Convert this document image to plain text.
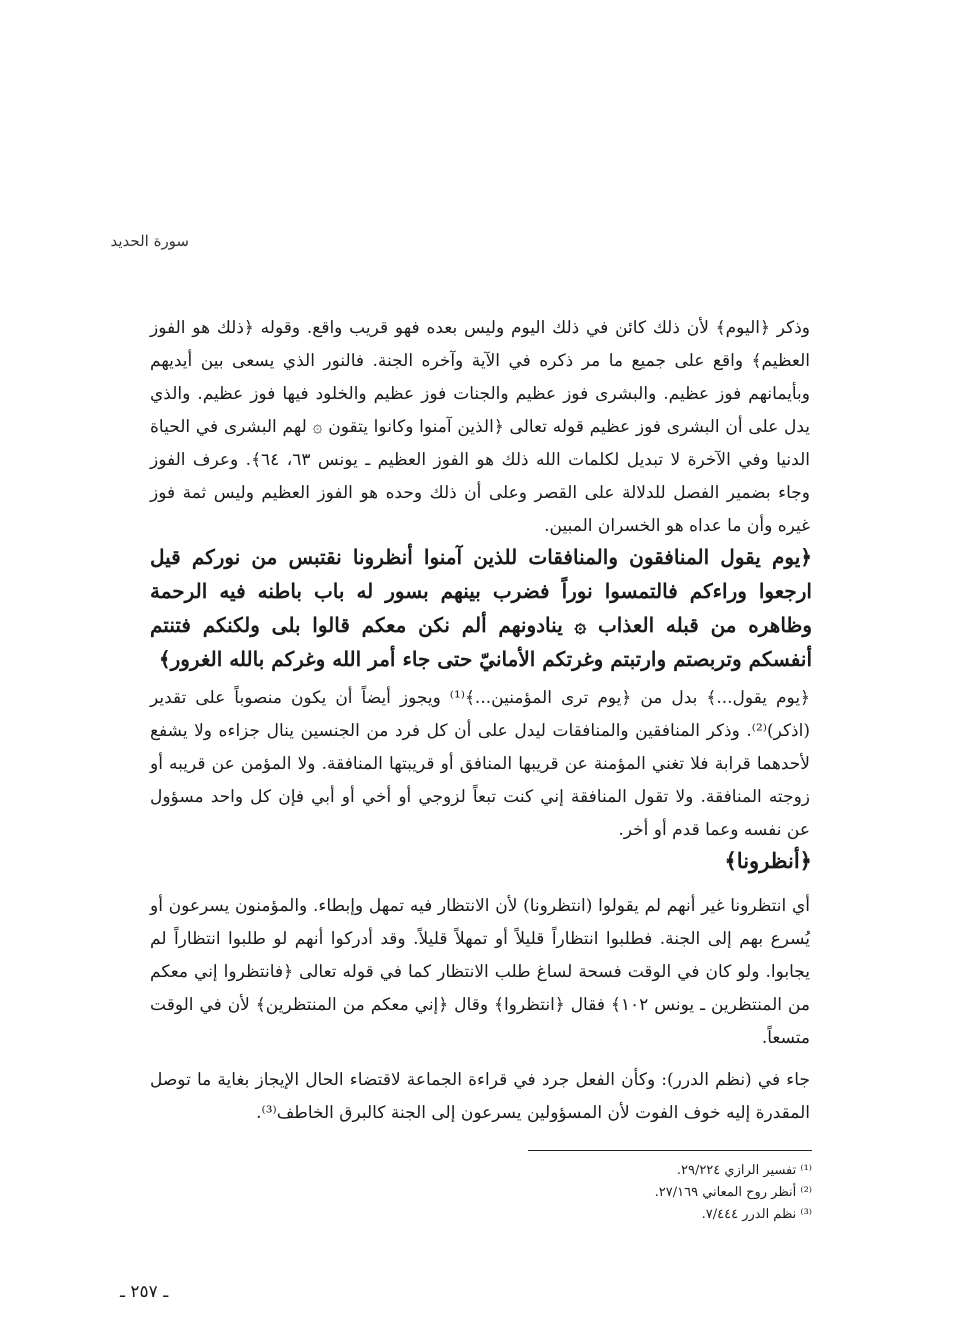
سورة الحديد

وذكر ﴿اليوم﴾ لأن ذلك كائن في ذلك اليوم وليس بعده فهو قريب واقع. وقوله ﴿ذلك هو الفوز العظيم﴾ واقع على جميع ما مر ذكره في الآية وآخره الجنة. فالنور الذي يسعى بين أيديهم وبأيمانهم فوز عظيم. والبشرى فوز عظيم والجنات فوز عظيم والخلود فيها فوز عظيم. والذي يدل على أن البشرى فوز عظيم قوله تعالى ﴿الذين آمنوا وكانوا يتقون ۞ لهم البشرى في الحياة الدنيا وفي الآخرة لا تبديل لكلمات الله ذلك هو الفوز العظيم ـ يونس ٦٣، ٦٤﴾. وعرف الفوز وجاء بضمير الفصل للدلالة على القصر وعلى أن ذلك وحده هو الفوز العظيم وليس ثمة فوز غيره وأن ما عداه هو الخسران المبين.

﴿يوم يقول المنافقون والمنافقات للذين آمنوا أنظرونا نقتبس من نوركم قيل ارجعوا وراءكم فالتمسوا نوراً فضرب بينهم بسور له باب باطنه فيه الرحمة وظاهره من قبله العذاب ۞ ينادونهم ألم نكن معكم قالوا بلى ولكنكم فتنتم أنفسكم وتربصتم وارتبتم وغرتكم الأمانيّ حتى جاء أمر الله وغركم بالله الغرور﴾

﴿يوم يقول...﴾ بدل من ﴿يوم ترى المؤمنين...﴾⁽¹⁾ ويجوز أيضاً أن يكون منصوباً على تقدير (اذكر)⁽²⁾. وذكر المنافقين والمنافقات ليدل على أن كل فرد من الجنسين ينال جزاءه ولا يشفع لأحدهما قرابة فلا تغني المؤمنة عن قريبها المنافق أو قريبتها المنافقة. ولا المؤمن عن قريبه أو زوجته المنافقة. ولا تقول المنافقة إني كنت تبعاً لزوجي أو أخي أو أبي فإن كل واحد مسؤول عن نفسه وعما قدم أو أخر.

﴿أنظرونا﴾

أي انتظرونا غير أنهم لم يقولوا (انتظرونا) لأن الانتظار فيه تمهل وإبطاء. والمؤمنون يسرعون أو يُسرع بهم إلى الجنة. فطلبوا انتظاراً قليلاً أو تمهلاً قليلاً. وقد أدركوا أنهم لو طلبوا انتظاراً لم يجابوا. ولو كان في الوقت فسحة لساغ طلب الانتظار كما في قوله تعالى ﴿فانتظروا إني معكم من المنتظرين ـ يونس ١٠٢﴾ فقال ﴿انتظروا﴾ وقال ﴿إني معكم من المنتظرين﴾ لأن في الوقت متسعاً.

جاء في (نظم الدرر): وكأن الفعل جرد في قراءة الجماعة لاقتضاء الحال الإيجاز بغاية ما توصل المقدرة إليه خوف الفوت لأن المسؤولين يسرعون إلى الجنة كالبرق الخاطف⁽³⁾.

⁽¹⁾ تفسير الرازي ٢٩/٢٢٤.
⁽²⁾ أنظر روح المعاني ٢٧/١٦٩.
⁽³⁾ نظم الدرر ٧/٤٤٤.
ـ ٢٥٧ ـ
